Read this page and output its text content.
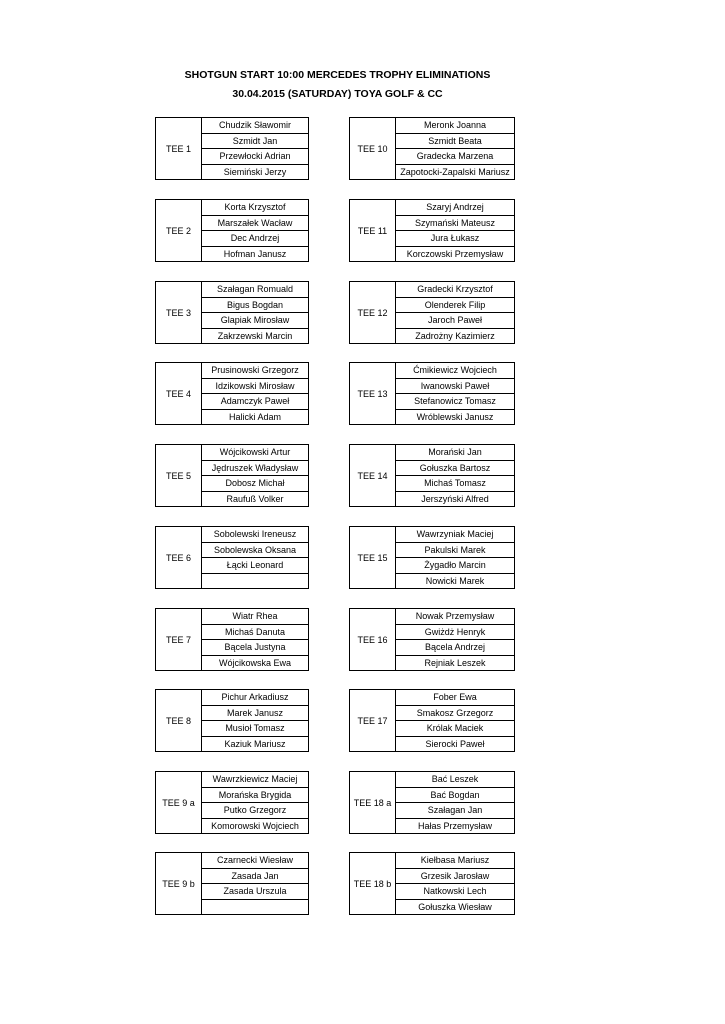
SHOTGUN START 10:00 MERCEDES TROPHY ELIMINATIONS
30.04.2015 (SATURDAY) TOYA GOLF & CC
TEE 1	Chudzik Sławomir
Szmidt Jan
Przewłocki Adrian
Siemiński Jerzy
TEE 2	Korta Krzysztof
Marszałek Wacław
Dec Andrzej
Hofman Janusz
TEE 3	Szałagan Romuald
Bigus Bogdan
Glapiak Mirosław
Zakrzewski Marcin
TEE 4	Prusinowski Grzegorz
Idzikowski Mirosław
Adamczyk Paweł
Halicki Adam
TEE 5	Wójcikowski Artur
Jędruszek Władysław
Dobosz Michał
Raufuß Volker
TEE 6	Sobolewski Ireneusz
Sobolewska Oksana
Łącki Leonard

TEE 7	Wiatr Rhea
Michaś Danuta
Bącela Justyna
Wójcikowska Ewa
TEE 8	Pichur Arkadiusz
Marek Janusz
Musioł Tomasz
Kaziuk Mariusz
TEE 9 a	Wawrzkiewicz Maciej
Morańska Brygida
Putko Grzegorz
Komorowski Wojciech
TEE 9 b	Czarnecki Wiesław
Zasada Jan
Zasada Urszula

TEE 10	Meronk Joanna
Szmidt Beata
Gradecka Marzena
Zapotocki-Zapalski Mariusz
TEE 11	Szaryj Andrzej
Szymański Mateusz
Jura Łukasz
Korczowski Przemysław
TEE 12	Gradecki Krzysztof
Olenderek Filip
Jaroch Paweł
Zadrożny Kazimierz
TEE 13	Ćmikiewicz Wojciech
Iwanowski Paweł
Stefanowicz Tomasz
Wróblewski Janusz
TEE 14	Morański Jan
Gołuszka Bartosz
Michaś Tomasz
Jerszyński Alfred
TEE 15	Wawrzyniak Maciej
Pakulski Marek
Żygadło Marcin
Nowicki Marek
TEE 16	Nowak Przemysław
Gwiżdż Henryk
Bącela Andrzej
Rejniak Leszek
TEE 17	Fober Ewa
Smakosz Grzegorz
Królak Maciek
Sierocki Paweł
TEE 18 a	Bać Leszek
Bać Bogdan
Szałagan Jan
Hałas Przemysław
TEE 18 b	Kiełbasa Mariusz
Grzesik Jarosław
Natkowski Lech
Gołuszka Wiesław
